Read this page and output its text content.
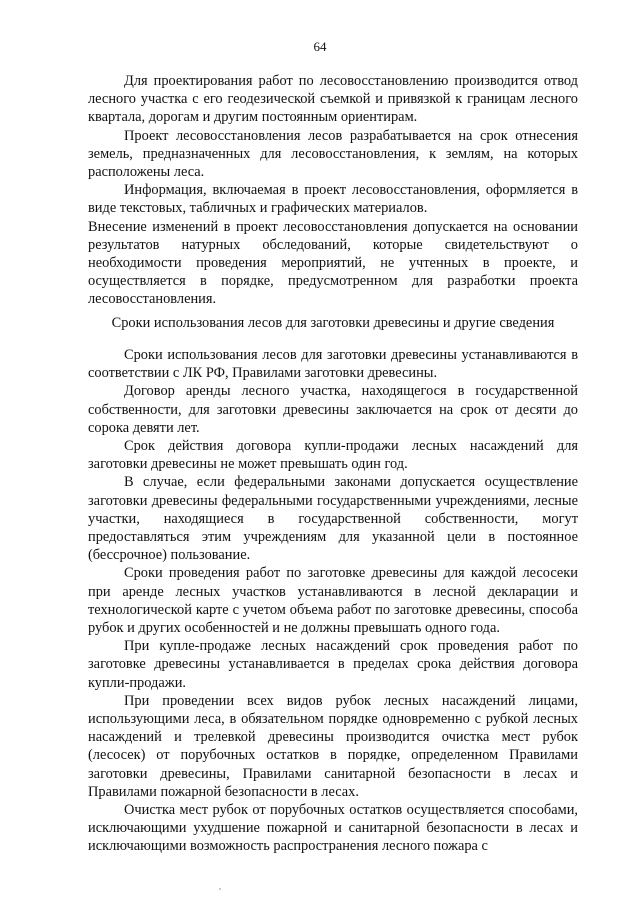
64

Для проектирования работ по лесовосстановлению производится отвод лесного участка с его геодезической съемкой и привязкой к границам лесного квартала, дорогам и другим постоянным ориентирам.

Проект лесовосстановления лесов разрабатывается на срок отнесения земель, предназначенных для лесовосстановления, к землям, на которых расположены леса.

Информация, включаемая в проект лесовосстановления, оформляется в виде текстовых, табличных и графических материалов.

Внесение изменений в проект лесовосстановления допускается на основании результатов натурных обследований, которые свидетельствуют о необходимости проведения мероприятий, не учтенных в проекте, и осуществляется в порядке, предусмотренном для разработки проекта лесовосстановления.

Сроки использования лесов для заготовки древесины и другие сведения

Сроки использования лесов для заготовки древесины устанавливаются в соответствии с ЛК РФ, Правилами заготовки древесины.

Договор аренды лесного участка, находящегося в государственной собственности, для заготовки древесины заключается на срок от десяти до сорока девяти лет.

Срок действия договора купли-продажи лесных насаждений для заготовки древесины не может превышать один год.

В случае, если федеральными законами допускается осуществление заготовки древесины федеральными государственными учреждениями, лесные участки, находящиеся в государственной собственности, могут предоставляться этим учреждениям для указанной цели в постоянное (бессрочное) пользование.

Сроки проведения работ по заготовке древесины для каждой лесосеки при аренде лесных участков устанавливаются в лесной декларации и технологической карте с учетом объема работ по заготовке древесины, способа рубок и других особенностей и не должны превышать одного года.

При купле-продаже лесных насаждений срок проведения работ по заготовке древесины устанавливается в пределах срока действия договора купли-продажи.

При проведении всех видов рубок лесных насаждений лицами, использующими леса, в обязательном порядке одновременно с рубкой лесных насаждений и трелевкой древесины производится очистка мест рубок (лесосек) от порубочных остатков в порядке, определенном Правилами заготовки древесины, Правилами санитарной безопасности в лесах и Правилами пожарной безопасности в лесах.

Очистка мест рубок от порубочных остатков осуществляется способами, исключающими ухудшение пожарной и санитарной безопасности в лесах и исключающими возможность распространения лесного пожара с
